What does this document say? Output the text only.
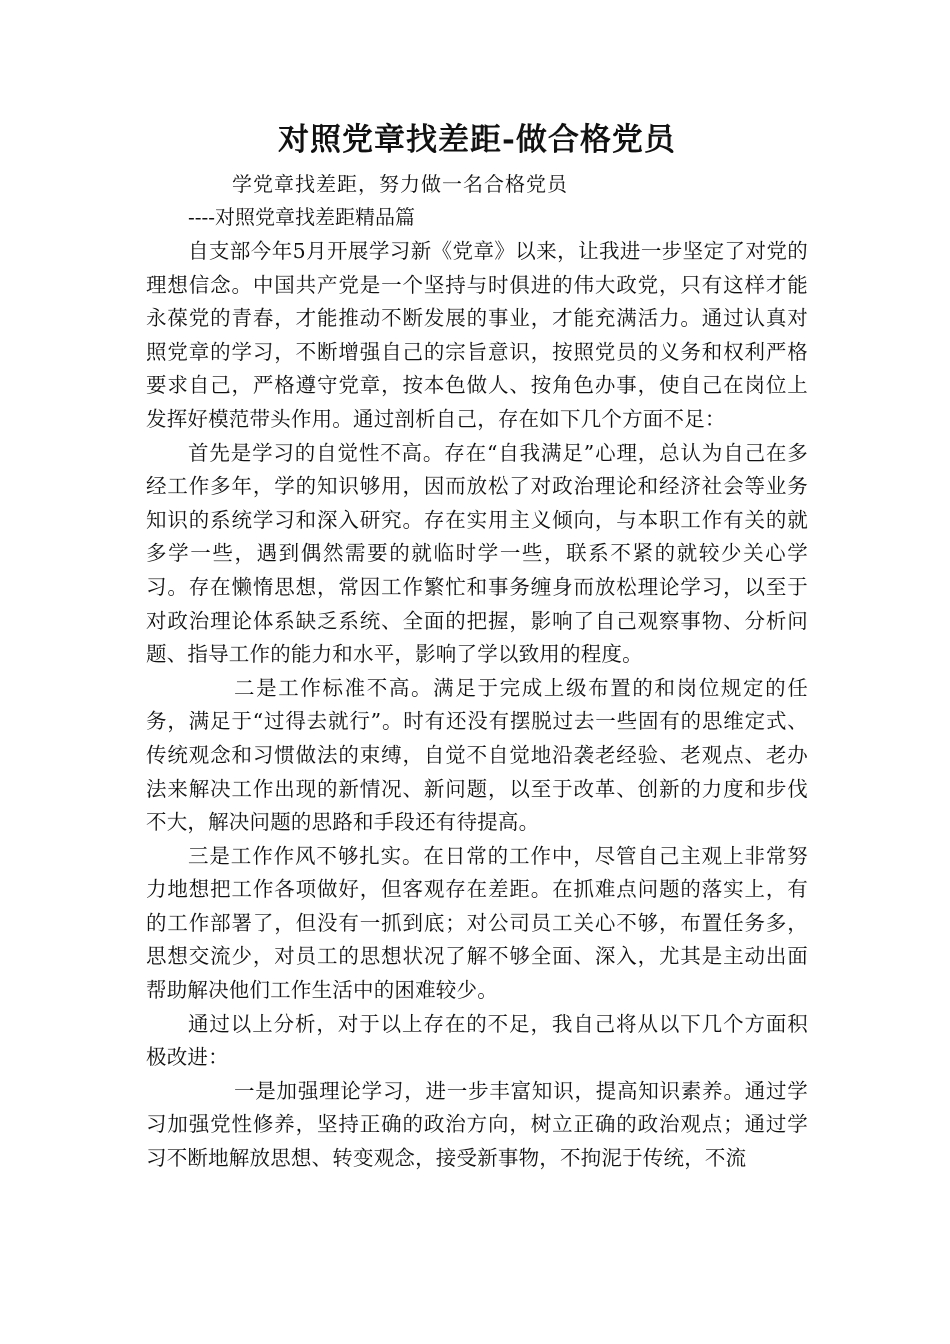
对照党章找差距-做合格党员
学党章找差距，努力做一名合格党员
----对照党章找差距精品篇

自支部今年5月开展学习新《党章》以来，让我进一步坚定了对党的理想信念。中国共产党是一个坚持与时俱进的伟大政党，只有这样才能永葆党的青春，才能推动不断发展的事业，才能充满活力。通过认真对照党章的学习，不断增强自己的宗旨意识，按照党员的义务和权利严格要求自己，严格遵守党章，按本色做人、按角色办事，使自己在岗位上发挥好模范带头作用。通过剖析自己，存在如下几个方面不足：

首先是学习的自觉性不高。存在“自我满足”心理，总认为自己在多经工作多年，学的知识够用，因而放松了对政治理论和经济社会等业务知识的系统学习和深入研究。存在实用主义倾向，与本职工作有关的就多学一些，遇到偶然需要的就临时学一些，联系不紧的就较少关心学习。存在懒惰思想，常因工作繁忙和事务缠身而放松理论学习，以至于对政治理论体系缺乏系统、全面的把握，影响了自己观察事物、分析问题、指导工作的能力和水平，影响了学以致用的程度。

二是工作标准不高。满足于完成上级布置的和岗位规定的任务，满足于“过得去就行”。时有还没有摆脱过去一些固有的思维定式、传统观念和习惯做法的束缚，自觉不自觉地沿袭老经验、老观点、老办法来解决工作出现的新情况、新问题，以至于改革、创新的力度和步伐不大，解决问题的思路和手段还有待提高。

三是工作作风不够扎实。在日常的工作中，尽管自己主观上非常努力地想把工作各项做好，但客观存在差距。在抓难点问题的落实上，有的工作部署了，但没有一抓到底；对公司员工关心不够，布置任务多，思想交流少，对员工的思想状况了解不够全面、深入，尤其是主动出面帮助解决他们工作生活中的困难较少。

通过以上分析，对于以上存在的不足，我自己将从以下几个方面积极改进：

一是加强理论学习，进一步丰富知识，提高知识素养。通过学习加强党性修养，坚持正确的政治方向，树立正确的政治观点；通过学习不断地解放思想、转变观念，接受新事物，不拘泥于传统，不流
